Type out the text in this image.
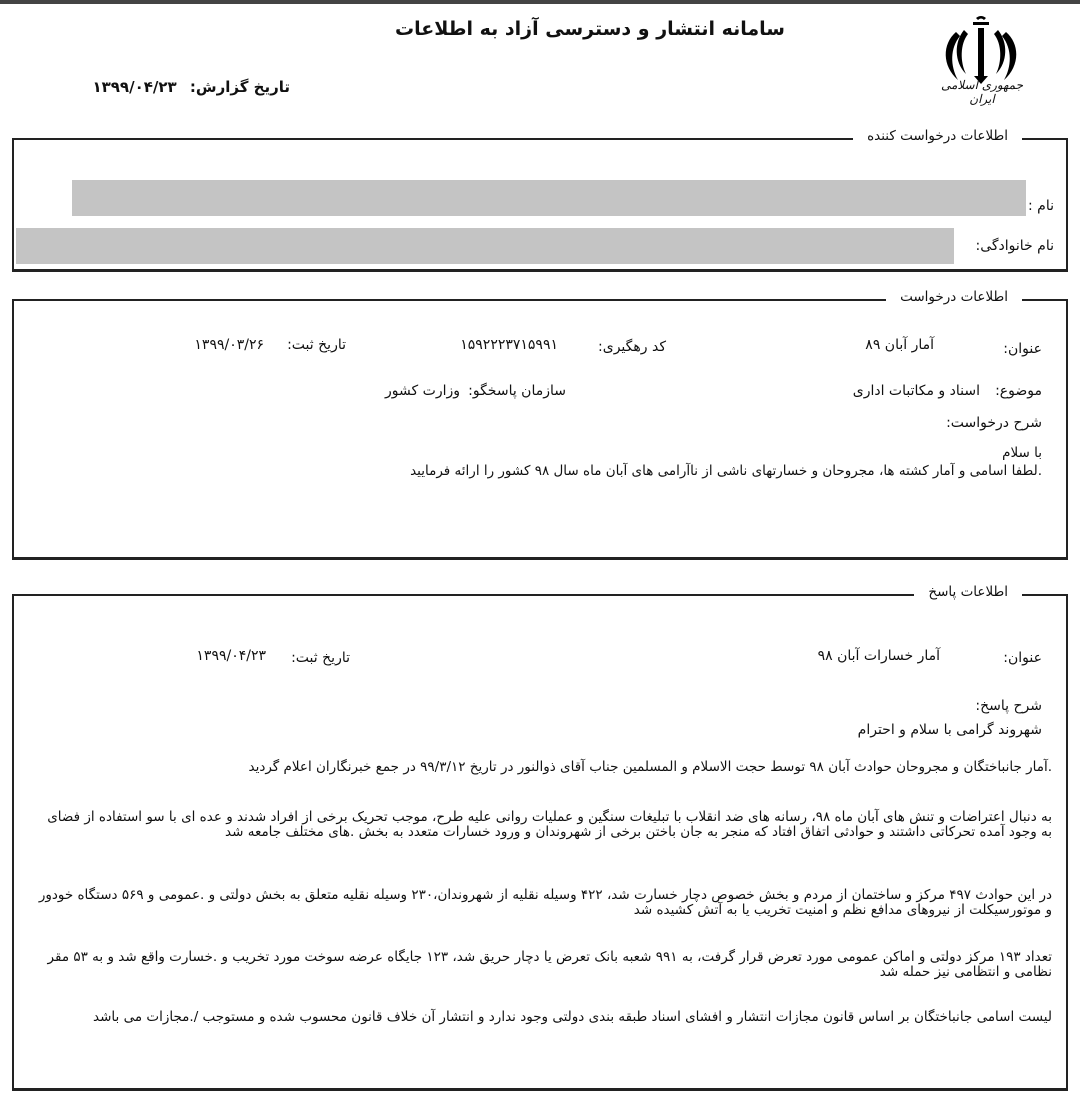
سامانه انتشار و دسترسی آزاد به اطلاعات
تاریخ گزارش: ۱۳۹۹/۰۴/۲۳	جمهوری اسلامی ایران
اطلاعات درخواست کننده
نام :
نام خانوادگی:
اطلاعات درخواست
عنوان:
آمار آبان ۸۹
کد رهگیری:
۱۵۹۲۲۲۳۷۱۵۹۹۱
تاریخ ثبت:
۱۳۹۹/۰۳/۲۶
موضوع:
اسناد و مکاتبات اداری
سازمان پاسخگو:
وزارت کشور
شرح درخواست:
با سلام
.لطفا اسامی و آمار کشته ها، مجروحان و خسارتهای ناشی از ناآرامی های آبان ماه سال ۹۸ کشور را ارائه فرمایید
اطلاعات پاسخ
عنوان:
آمار خسارات آبان ۹۸
تاریخ ثبت:
۱۳۹۹/۰۴/۲۳
شرح پاسخ:
شهروند گرامی با سلام و احترام
.آمار جانباختگان و مجروحان حوادث آبان ۹۸ توسط حجت الاسلام و المسلمین جناب آقای ذوالنور در تاریخ ۹۹/۳/۱۲ در جمع خبرنگاران اعلام گردید
به دنبال اعتراضات و تنش های آبان ماه ۹۸، رسانه های ضد انقلاب با تبلیغات سنگین و عملیات روانی علیه طرح، موجب تحریک برخی از افراد شدند و عده ای با سو استفاده از فضای به وجود آمده تحرکاتی داشتند و حوادثی اتفاق افتاد که منجر به جان باختن برخی از شهروندان و ورود خسارات متعدد به بخش .های مختلف جامعه شد
در این حوادث ۴۹۷ مرکز و ساختمان از مردم و بخش خصوص دچار خسارت شد، ۴۲۲ وسیله نقلیه از شهروندان،۲۳۰ وسیله نقلیه متعلق به بخش دولتی و .عمومی و ۵۶۹ دستگاه خودور و موتورسیکلت از نیروهای مدافع نظم و امنیت تخریب یا به آتش کشیده شد
تعداد ۱۹۳ مرکز دولتی و اماکن عمومی مورد تعرض قرار گرفت، به ۹۹۱ شعبه بانک تعرض یا دچار حریق شد، ۱۲۳ جایگاه عرضه سوخت مورد تخریب و .خسارت واقع شد و به ۵۳ مقر نظامی و انتظامی نیز حمله شد
لیست اسامی جانباختگان بر اساس قانون مجازات انتشار و افشای اسناد طبقه بندی دولتی وجود ندارد و انتشار آن خلاف قانون محسوب شده و مستوجب /.مجازات می باشد
